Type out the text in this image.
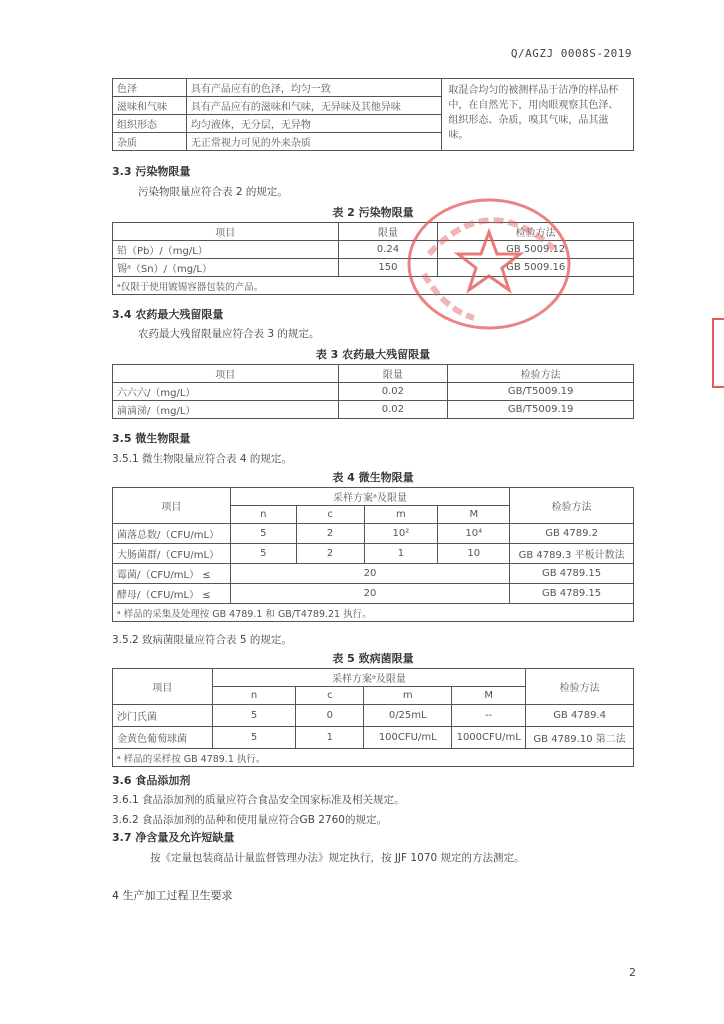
Q/AGZJ 0008S-2019
色泽	具有产品应有的色泽，均匀一致	取混合均匀的被测样品于洁净的样品杯中，在自然光下，用肉眼观察其色泽、组织形态、杂质，嗅其气味，品其滋味。
滋味和气味	具有产品应有的滋味和气味，无异味及其他异味	
组织形态	均匀液体，无分层，无异物	
杂质	无正常视力可见的外来杂质	
3.3 污染物限量
污染物限量应符合表 2 的规定。
表 2 污染物限量
项目	限量	检验方法
铅（Pb）/（mg/L）	0.24	GB 5009.12
锡ᵃ（Sn）/（mg/L）	150	GB 5009.16
ᵃ仅限于使用镀锡容器包装的产品。		
3.4 农药最大残留限量
农药最大残留限量应符合表 3 的规定。
表 3 农药最大残留限量
项目	限量	检验方法
六六六/（mg/L）	0.02	GB/T5009.19
滴滴涕/（mg/L）	0.02	GB/T5009.19
3.5 微生物限量
3.5.1 微生物限量应符合表 4 的规定。
表 4 微生物限量
项目	采样方案ᵃ及限量				检验方法
	n	c	m	M	
菌落总数/（CFU/mL）	5	2	10²	10⁴	GB 4789.2
大肠菌群/（CFU/mL）	5	2	1	10	GB 4789.3 平板计数法
霉菌/（CFU/mL） ≤	20				GB 4789.15
酵母/（CFU/mL） ≤	20				GB 4789.15
ᵃ 样品的采集及处理按 GB 4789.1 和 GB/T4789.21 执行。					
3.5.2 致病菌限量应符合表 5 的规定。
表 5 致病菌限量
项目	采样方案ᵃ及限量				检验方法
	n	c	m	M	
沙门氏菌	5	0	0/25mL	--	GB 4789.4
金黄色葡萄球菌	5	1	100CFU/mL	1000CFU/mL	GB 4789.10 第二法
ᵃ 样品的采样按 GB 4789.1 执行。					
3.6 食品添加剂
3.6.1 食品添加剂的质量应符合食品安全国家标准及相关规定。
3.6.2 食品添加剂的品种和使用量应符合GB 2760的规定。
3.7 净含量及允许短缺量
按《定量包装商品计量监督管理办法》规定执行，按 JJF 1070 规定的方法测定。
4 生产加工过程卫生要求
2
